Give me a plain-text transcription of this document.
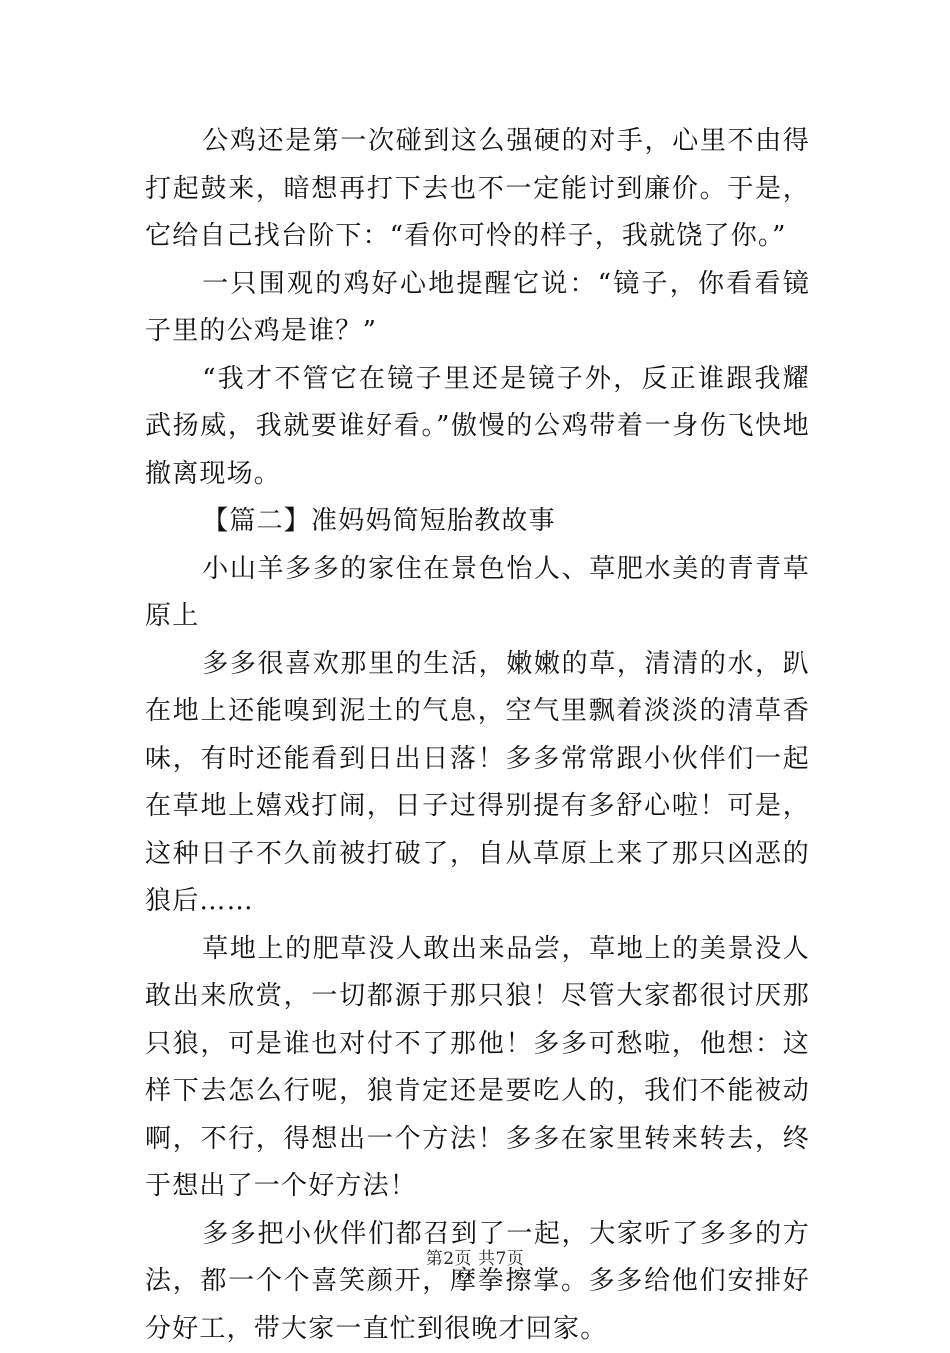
公鸡还是第一次碰到这么强硬的对手，心里不由得打起鼓来，暗想再打下去也不一定能讨到廉价。于是，它给自己找台阶下：“看你可怜的样子，我就饶了你。”

一只围观的鸡好心地提醒它说：“镜子，你看看镜子里的公鸡是谁？”

“我才不管它在镜子里还是镜子外，反正谁跟我耀武扬威，我就要谁好看。”傲慢的公鸡带着一身伤飞快地撤离现场。

【篇二】准妈妈简短胎教故事

小山羊多多的家住在景色怡人、草肥水美的青青草原上

多多很喜欢那里的生活，嫩嫩的草，清清的水，趴在地上还能嗅到泥土的气息，空气里飘着淡淡的清草香味，有时还能看到日出日落！多多常常跟小伙伴们一起在草地上嬉戏打闹，日子过得别提有多舒心啦！可是，这种日子不久前被打破了，自从草原上来了那只凶恶的狼后……

草地上的肥草没人敢出来品尝，草地上的美景没人敢出来欣赏，一切都源于那只狼！尽管大家都很讨厌那只狼，可是谁也对付不了那他！多多可愁啦，他想：这样下去怎么行呢，狼肯定还是要吃人的，我们不能被动啊，不行，得想出一个方法！多多在家里转来转去，终于想出了一个好方法！

多多把小伙伴们都召到了一起，大家听了多多的方法，都一个个喜笑颜开，摩拳擦掌。多多给他们安排好分好工，带大家一直忙到很晚才回家。

第2页 共7页
